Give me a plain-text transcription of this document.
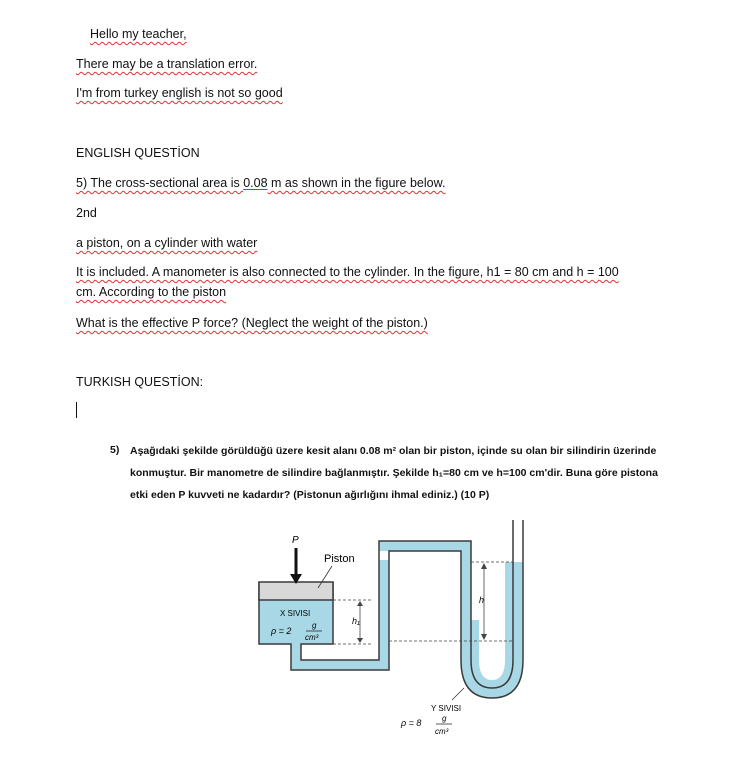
Hello my teacher,
There may be a translation error.
I'm from turkey english is not so good
ENGLISH QUESTİON
5) The cross-sectional area is 0.08 m as shown in the figure below.
2nd
a piston, on a cylinder with water
It is included. A manometer is also connected to the cylinder. In the figure, h1 = 80 cm and h = 100
cm. According to the piston
What is the effective P force? (Neglect the weight of the piston.)
TURKISH QUESTİON:
5) Aşağıdaki şekilde görüldüğü üzere kesit alanı 0.08 m² olan bir piston, içinde su olan bir silindirin üzerinde
konmuştur. Bir manometre de silindire bağlanmıştır. Şekilde h₁=80 cm ve h=100 cm'dir. Buna göre pistona
etki eden P kuvveti ne kadardır? (Pistonun ağırlığını ihmal ediniz.) (10 P)
P
Piston
X SIVISI
ρ = 2
g
cm³
h₁
h
Y SIVISI
ρ = 8	g
cm³
